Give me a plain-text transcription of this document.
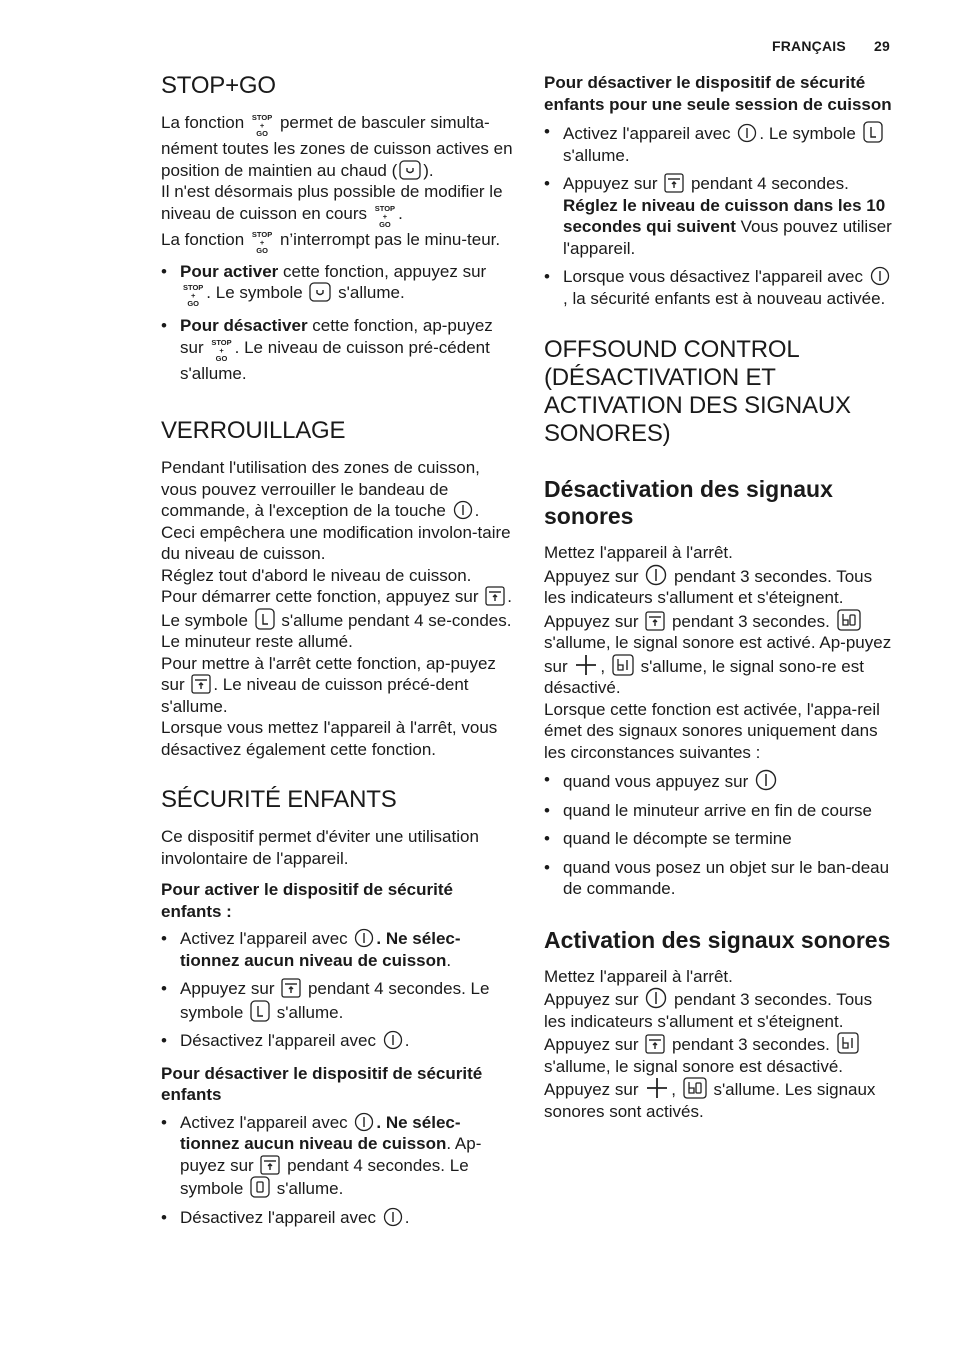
FRANÇAIS 29
STOP+GO

La fonction STOP
+
GO
permet de basculer simulta-nément toutes les zones de cuisson actives en position de maintien au chaud ( ).

Il n'est désormais plus possible de modifier le niveau de cuisson en cours STOP
+
GO
.

La fonction STOP
+
GO
n’interrompt pas le minu-teur.

• Pour activer cette fonction, appuyez sur
STOP
+
GO
. Le symbole s'allume.
• Pour désactiver cette fonction, ap-puyez sur STOP
+
GO
. Le niveau de cuisson pré-cédent s'allume.
VERROUILLAGE

Pendant l'utilisation des zones de cuisson, vous pouvez verrouiller le bandeau de commande, à l'exception de la touche . Ceci empêchera une modification involon-taire du niveau de cuisson.

Réglez tout d'abord le niveau de cuisson.

Pour démarrer cette fonction, appuyez sur . Le symbole s'allume pendant 4 se-condes.

Le minuteur reste allumé.

Pour mettre à l'arrêt cette fonction, ap-puyez sur . Le niveau de cuisson précé-dent s'allume.

Lorsque vous mettez l'appareil à l'arrêt, vous désactivez également cette fonction.

SÉCURITÉ ENFANTS

Ce dispositif permet d'éviter une utilisation involontaire de l'appareil.

Pour activer le dispositif de sécurité enfants :

• Activez l'appareil avec . Ne sélec-tionnez aucun niveau de cuisson.
• Appuyez sur pendant 4 secondes. Le symbole s'allume.
• Désactivez l'appareil avec .

Pour désactiver le dispositif de sécurité enfants

• Activez l'appareil avec . Ne sélec-tionnez aucun niveau de cuisson. Ap-puyez sur pendant 4 secondes. Le symbole s'allume.
• Désactivez l'appareil avec .

Pour désactiver le dispositif de sécurité enfants pour une seule session de cuisson

• Activez l'appareil avec . Le symbole
s'allume.
• Appuyez sur pendant 4 secondes. Réglez le niveau de cuisson dans les 10 secondes qui suivent Vous pouvez utiliser l'appareil.
• Lorsque vous désactivez l'appareil avec
, la sécurité enfants est à nouveau activée.
OFFSOUND CONTROL (DÉSACTIVATION ET ACTIVATION DES SIGNAUX SONORES)
Désactivation des signaux sonores

Mettez l'appareil à l'arrêt.

Appuyez sur pendant 3 secondes. Tous les indicateurs s'allument et s'éteignent.

Appuyez sur pendant 3 secondes.
s'allume, le signal sonore est activé. Ap-puyez sur , s'allume, le signal sono-re est désactivé.

Lorsque cette fonction est activée, l'appa-reil émet des signaux sonores uniquement dans les circonstances suivantes :

• quand vous appuyez sur
• quand le minuteur arrive en fin de course
• quand le décompte se termine
• quand vous posez un objet sur le ban-deau de commande.
Activation des signaux sonores

Mettez l'appareil à l'arrêt.

Appuyez sur pendant 3 secondes. Tous les indicateurs s'allument et s'éteignent.

Appuyez sur pendant 3 secondes.
s'allume, le signal sonore est désactivé.

Appuyez sur , s'allume. Les signaux sonores sont activés.
